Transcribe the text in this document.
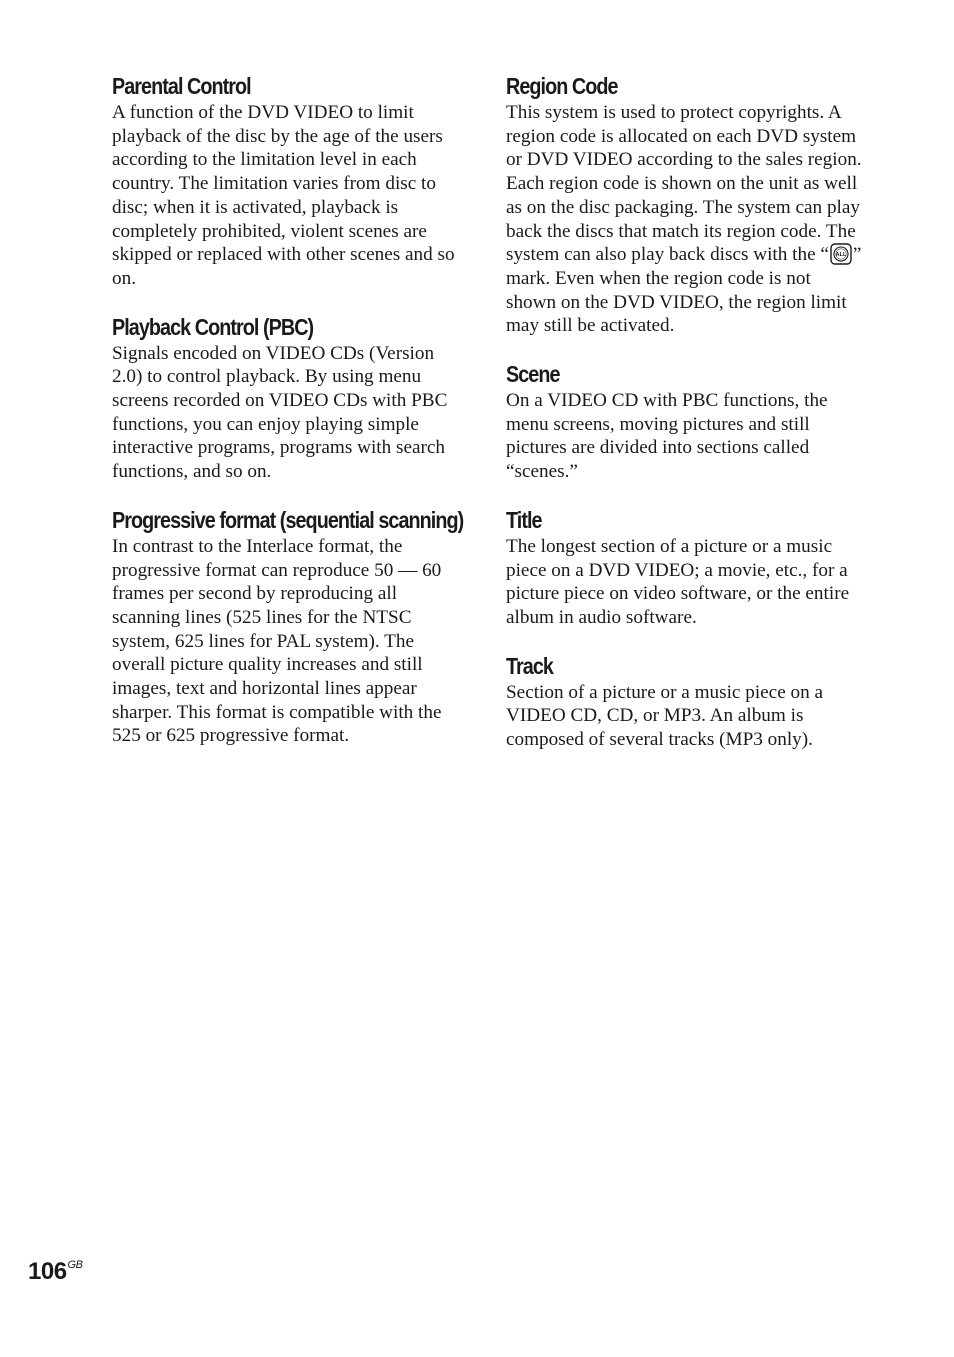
Parental Control

A function of the DVD VIDEO to limit playback of the disc by the age of the users according to the limitation level in each country. The limitation varies from disc to disc; when it is activated, playback is completely prohibited, violent scenes are skipped or replaced with other scenes and so on.

Playback Control (PBC)

Signals encoded on VIDEO CDs (Version 2.0) to control playback. By using menu screens recorded on VIDEO CDs with PBC functions, you can enjoy playing simple interactive programs, programs with search functions, and so on.

Progressive format (sequential scanning)

In contrast to the Interlace format, the progressive format can reproduce 50 — 60 frames per second by reproducing all scanning lines (525 lines for the NTSC system, 625 lines for PAL system). The overall picture quality increases and still images, text and horizontal lines appear sharper. This format is compatible with the 525 or 625 progressive format.

Region Code

This system is used to protect copyrights. A region code is allocated on each DVD system or DVD VIDEO according to the sales region. Each region code is shown on the unit as well as on the disc packaging. The system can play back the discs that match its region code. The system can also play back discs with the “ ALL ” mark. Even when the region code is not shown on the DVD VIDEO, the region limit may still be activated.

Scene

On a VIDEO CD with PBC functions, the menu screens, moving pictures and still pictures are divided into sections called “scenes.”

Title

The longest section of a picture or a music piece on a DVD VIDEO; a movie, etc., for a picture piece on video software, or the entire album in audio software.

Track

Section of a picture or a music piece on a VIDEO CD, CD, or MP3. An album is composed of several tracks (MP3 only).

$106^{GB}$
